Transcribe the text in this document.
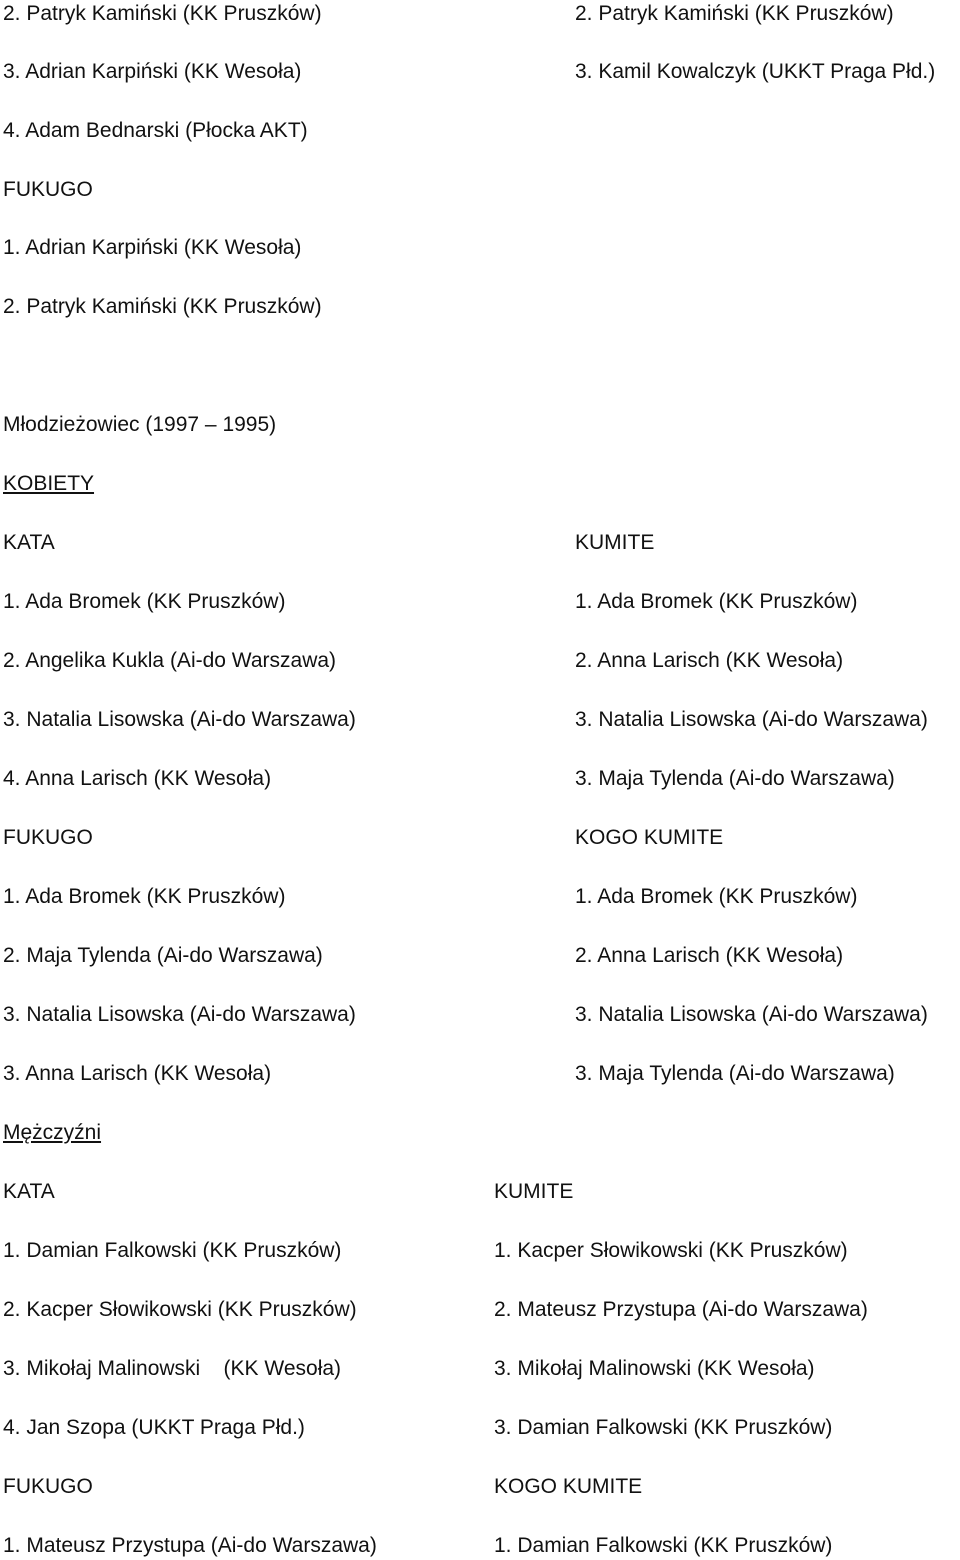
2. Patryk Kamiński (KK Pruszków)	2. Patryk Kamiński (KK Pruszków)
3. Adrian Karpiński (KK Wesoła)	3. Kamil Kowalczyk (UKKT Praga Płd.)
4. Adam Bednarski (Płocka AKT)
FUKUGO
1. Adrian Karpiński (KK Wesoła)
2. Patryk Kamiński (KK Pruszków)
Młodzieżowiec (1997 – 1995)
KOBIETY
KATA	KUMITE
1. Ada Bromek (KK Pruszków)	1. Ada Bromek (KK Pruszków)
2. Angelika Kukla (Ai-do Warszawa)	2. Anna Larisch (KK Wesoła)
3. Natalia Lisowska (Ai-do Warszawa)	3. Natalia Lisowska (Ai-do Warszawa)
4. Anna Larisch (KK Wesoła)	3. Maja Tylenda (Ai-do Warszawa)
FUKUGO	KOGO KUMITE
1. Ada Bromek (KK Pruszków)	1. Ada Bromek (KK Pruszków)
2. Maja Tylenda (Ai-do Warszawa)	2. Anna Larisch (KK Wesoła)
3. Natalia Lisowska (Ai-do Warszawa)	3. Natalia Lisowska (Ai-do Warszawa)
3. Anna Larisch (KK Wesoła)	3. Maja Tylenda (Ai-do Warszawa)
Mężczyźni
KATA	KUMITE
1. Damian Falkowski (KK Pruszków)	1. Kacper Słowikowski (KK Pruszków)
2. Kacper Słowikowski (KK Pruszków)	2. Mateusz Przystupa (Ai-do Warszawa)
3. Mikołaj Malinowski    (KK Wesoła)	3. Mikołaj Malinowski (KK Wesoła)
4. Jan Szopa (UKKT Praga Płd.)	3. Damian Falkowski (KK Pruszków)
FUKUGO	KOGO KUMITE
1. Mateusz Przystupa (Ai-do Warszawa)	1. Damian Falkowski (KK Pruszków)
